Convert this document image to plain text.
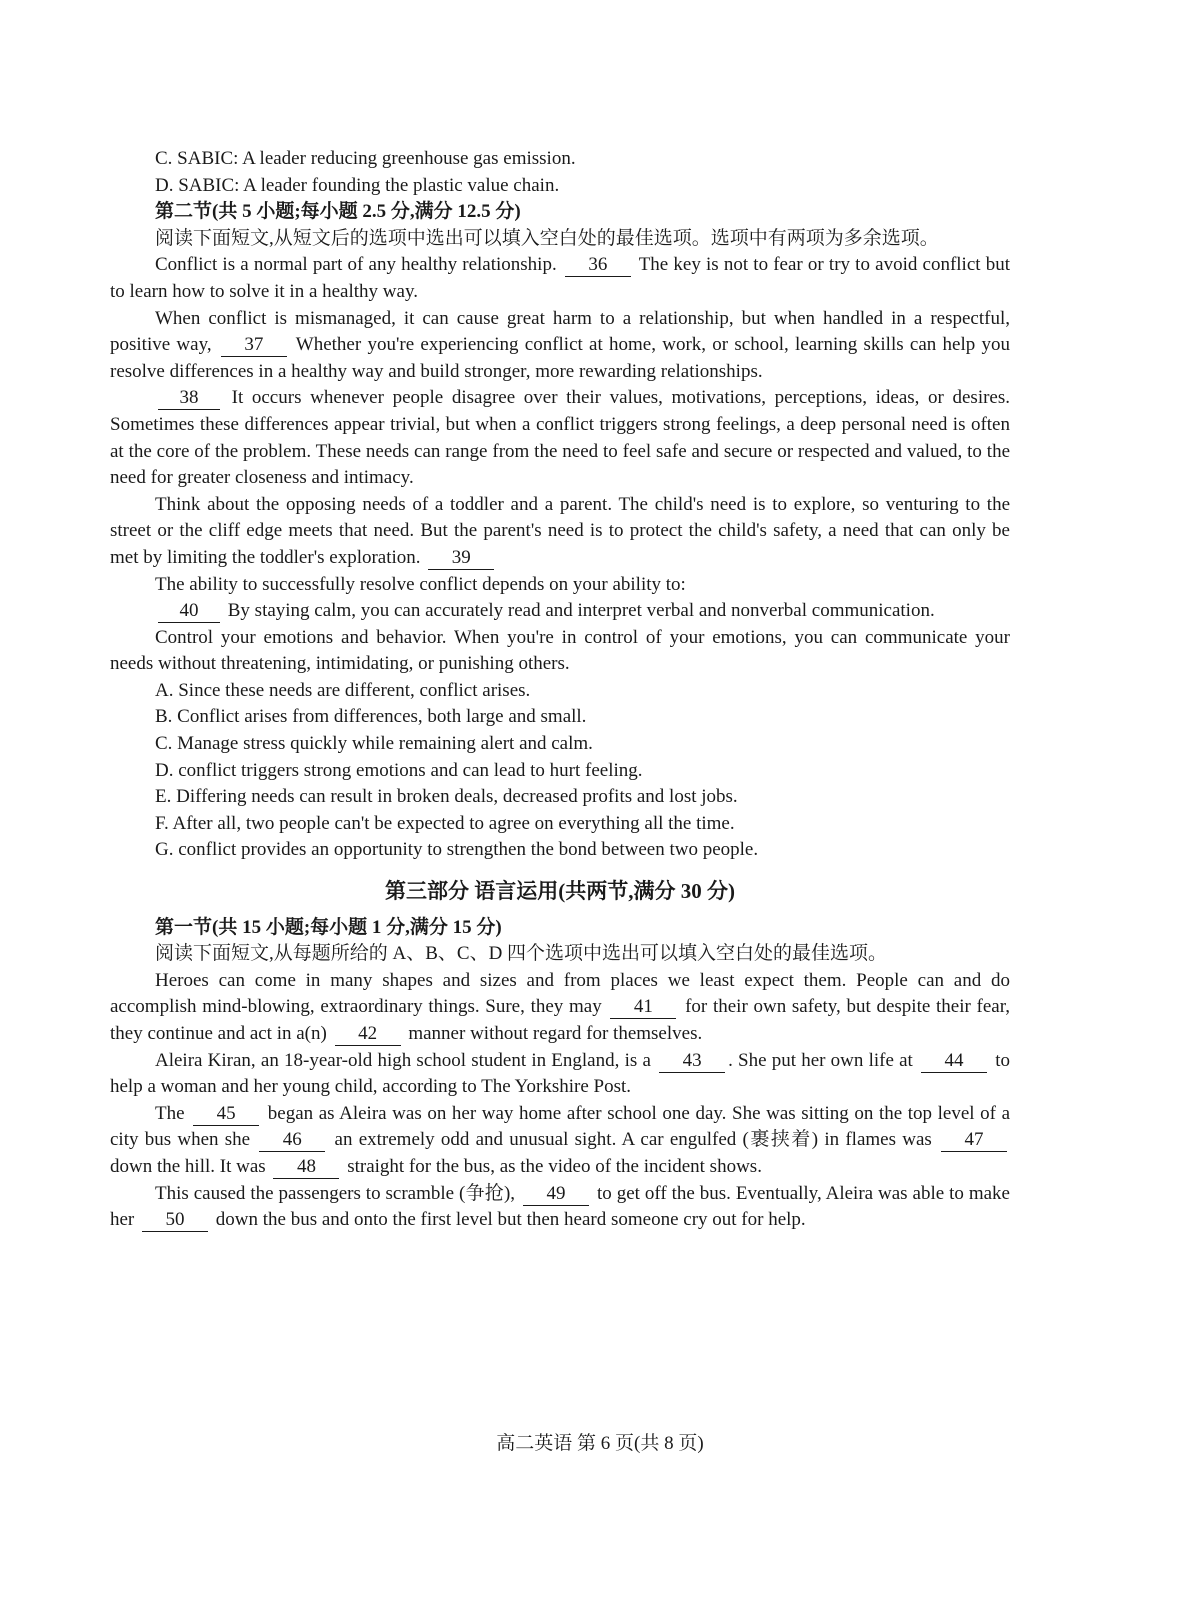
C. SABIC: A leader reducing greenhouse gas emission.

D. SABIC: A leader founding the plastic value chain.

第二节(共 5 小题;每小题 2.5 分,满分 12.5 分)

阅读下面短文,从短文后的选项中选出可以填入空白处的最佳选项。选项中有两项为多余选项。

Conflict is a normal part of any healthy relationship. 36 The key is not to fear or try to avoid conflict but to learn how to solve it in a healthy way.

When conflict is mismanaged, it can cause great harm to a relationship, but when handled in a respectful, positive way, 37 Whether you're experiencing conflict at home, work, or school, learning skills can help you resolve differences in a healthy way and build stronger, more rewarding relationships.

38 It occurs whenever people disagree over their values, motivations, perceptions, ideas, or desires. Sometimes these differences appear trivial, but when a conflict triggers strong feelings, a deep personal need is often at the core of the problem. These needs can range from the need to feel safe and secure or respected and valued, to the need for greater closeness and intimacy.

Think about the opposing needs of a toddler and a parent. The child's need is to explore, so venturing to the street or the cliff edge meets that need. But the parent's need is to protect the child's safety, a need that can only be met by limiting the toddler's exploration. 39

The ability to successfully resolve conflict depends on your ability to:

40 By staying calm, you can accurately read and interpret verbal and nonverbal communication.

Control your emotions and behavior. When you're in control of your emotions, you can communicate your needs without threatening, intimidating, or punishing others.

A. Since these needs are different, conflict arises.

B. Conflict arises from differences, both large and small.

C. Manage stress quickly while remaining alert and calm.

D. conflict triggers strong emotions and can lead to hurt feeling.

E. Differing needs can result in broken deals, decreased profits and lost jobs.

F. After all, two people can't be expected to agree on everything all the time.

G. conflict provides an opportunity to strengthen the bond between two people.

第三部分 语言运用(共两节,满分 30 分)

第一节(共 15 小题;每小题 1 分,满分 15 分)

阅读下面短文,从每题所给的 A、B、C、D 四个选项中选出可以填入空白处的最佳选项。

Heroes can come in many shapes and sizes and from places we least expect them. People can and do accomplish mind-blowing, extraordinary things. Sure, they may 41 for their own safety, but despite their fear, they continue and act in a(n) 42 manner without regard for themselves.

Aleira Kiran, an 18-year-old high school student in England, is a 43 . She put her own life at 44 to help a woman and her young child, according to The Yorkshire Post.

The 45 began as Aleira was on her way home after school one day. She was sitting on the top level of a city bus when she 46 an extremely odd and unusual sight. A car engulfed (裹挟着) in flames was 47 down the hill. It was 48 straight for the bus, as the video of the incident shows.

This caused the passengers to scramble (争抢), 49 to get off the bus. Eventually, Aleira was able to make her 50 down the bus and onto the first level but then heard someone cry out for help.

高二英语 第 6 页(共 8 页)
